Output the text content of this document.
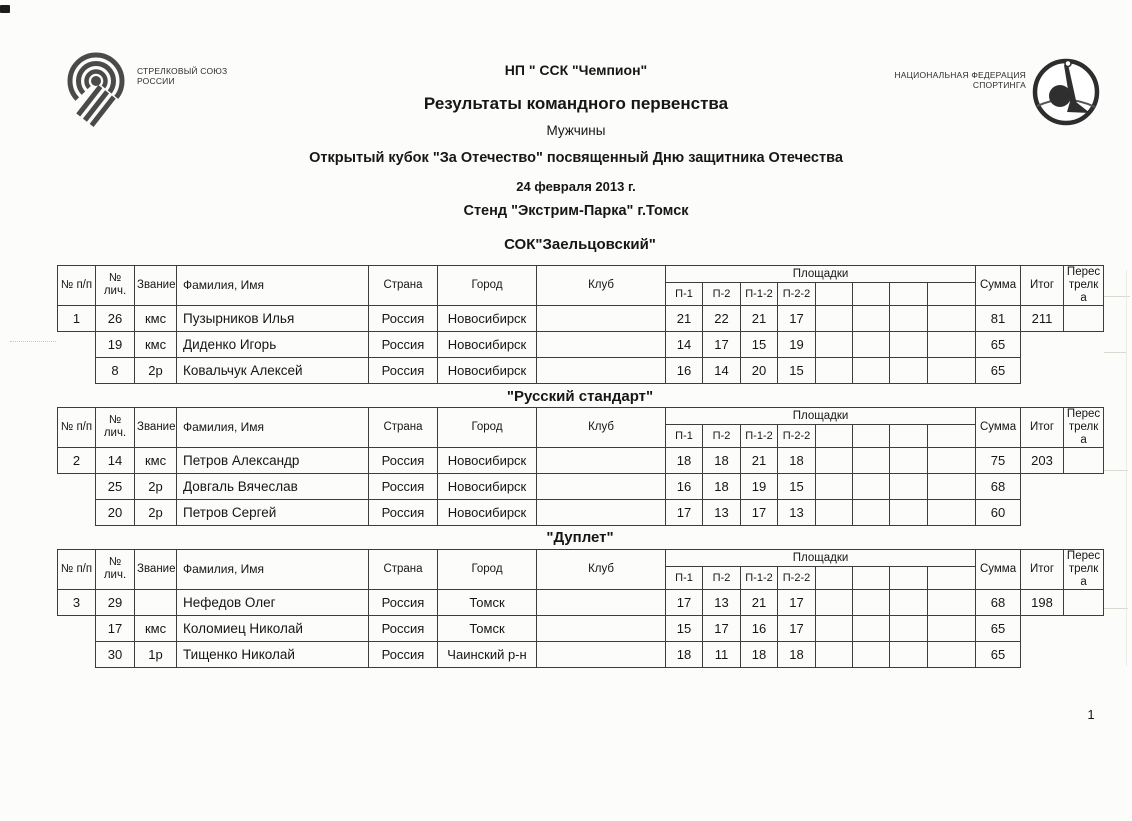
СТРЕЛКОВЫЙ СОЮЗ
РОССИИ
НАЦИОНАЛЬНАЯ ФЕДЕРАЦИЯ
СПОРТИНГА
НП " ССК "Чемпион"
Результаты командного первенства
Мужчины
Открытый кубок "За Отечество" посвященный Дню защитника Отечества
24 февраля 2013 г.
Стенд "Экстрим-Парка" г.Томск
СОК"Заельцовский"
"Русский стандарт"
"Дуплет"
№ п/п	№ лич.	Звание	Фамилия, Имя	Страна	Город	Клуб	Площадки								Сумма	Итог	Перестрелка	
							П-1	П-2	П-1-2	П-2-2								
1	26	кмс	Пузырников Илья	Россия	Новосибирск		21	22	21	17					81	211		
	19	кмс	Диденко Игорь	Россия	Новосибирск		14	17	15	19					65			
	8	2р	Ковальчук Алексей	Россия	Новосибирск		16	14	20	15					65			
№ п/п	№ лич.	Звание	Фамилия, Имя	Страна	Город	Клуб	Площадки								Сумма	Итог	Перестрелка	
							П-1	П-2	П-1-2	П-2-2								
2	14	кмс	Петров Александр	Россия	Новосибирск		18	18	21	18					75	203		
	25	2р	Довгаль Вячеслав	Россия	Новосибирск		16	18	19	15					68			
	20	2р	Петров Сергей	Россия	Новосибирск		17	13	17	13					60			
№ п/п	№ лич.	Звание	Фамилия, Имя	Страна	Город	Клуб	Площадки								Сумма	Итог	Перестрелка	
							П-1	П-2	П-1-2	П-2-2								
3	29		Нефедов Олег	Россия	Томск		17	13	21	17					68	198		
	17	кмс	Коломиец Николай	Россия	Томск		15	17	16	17					65			
	30	1р	Тищенко Николай	Россия	Чаинский р-н		18	11	18	18					65			
1
